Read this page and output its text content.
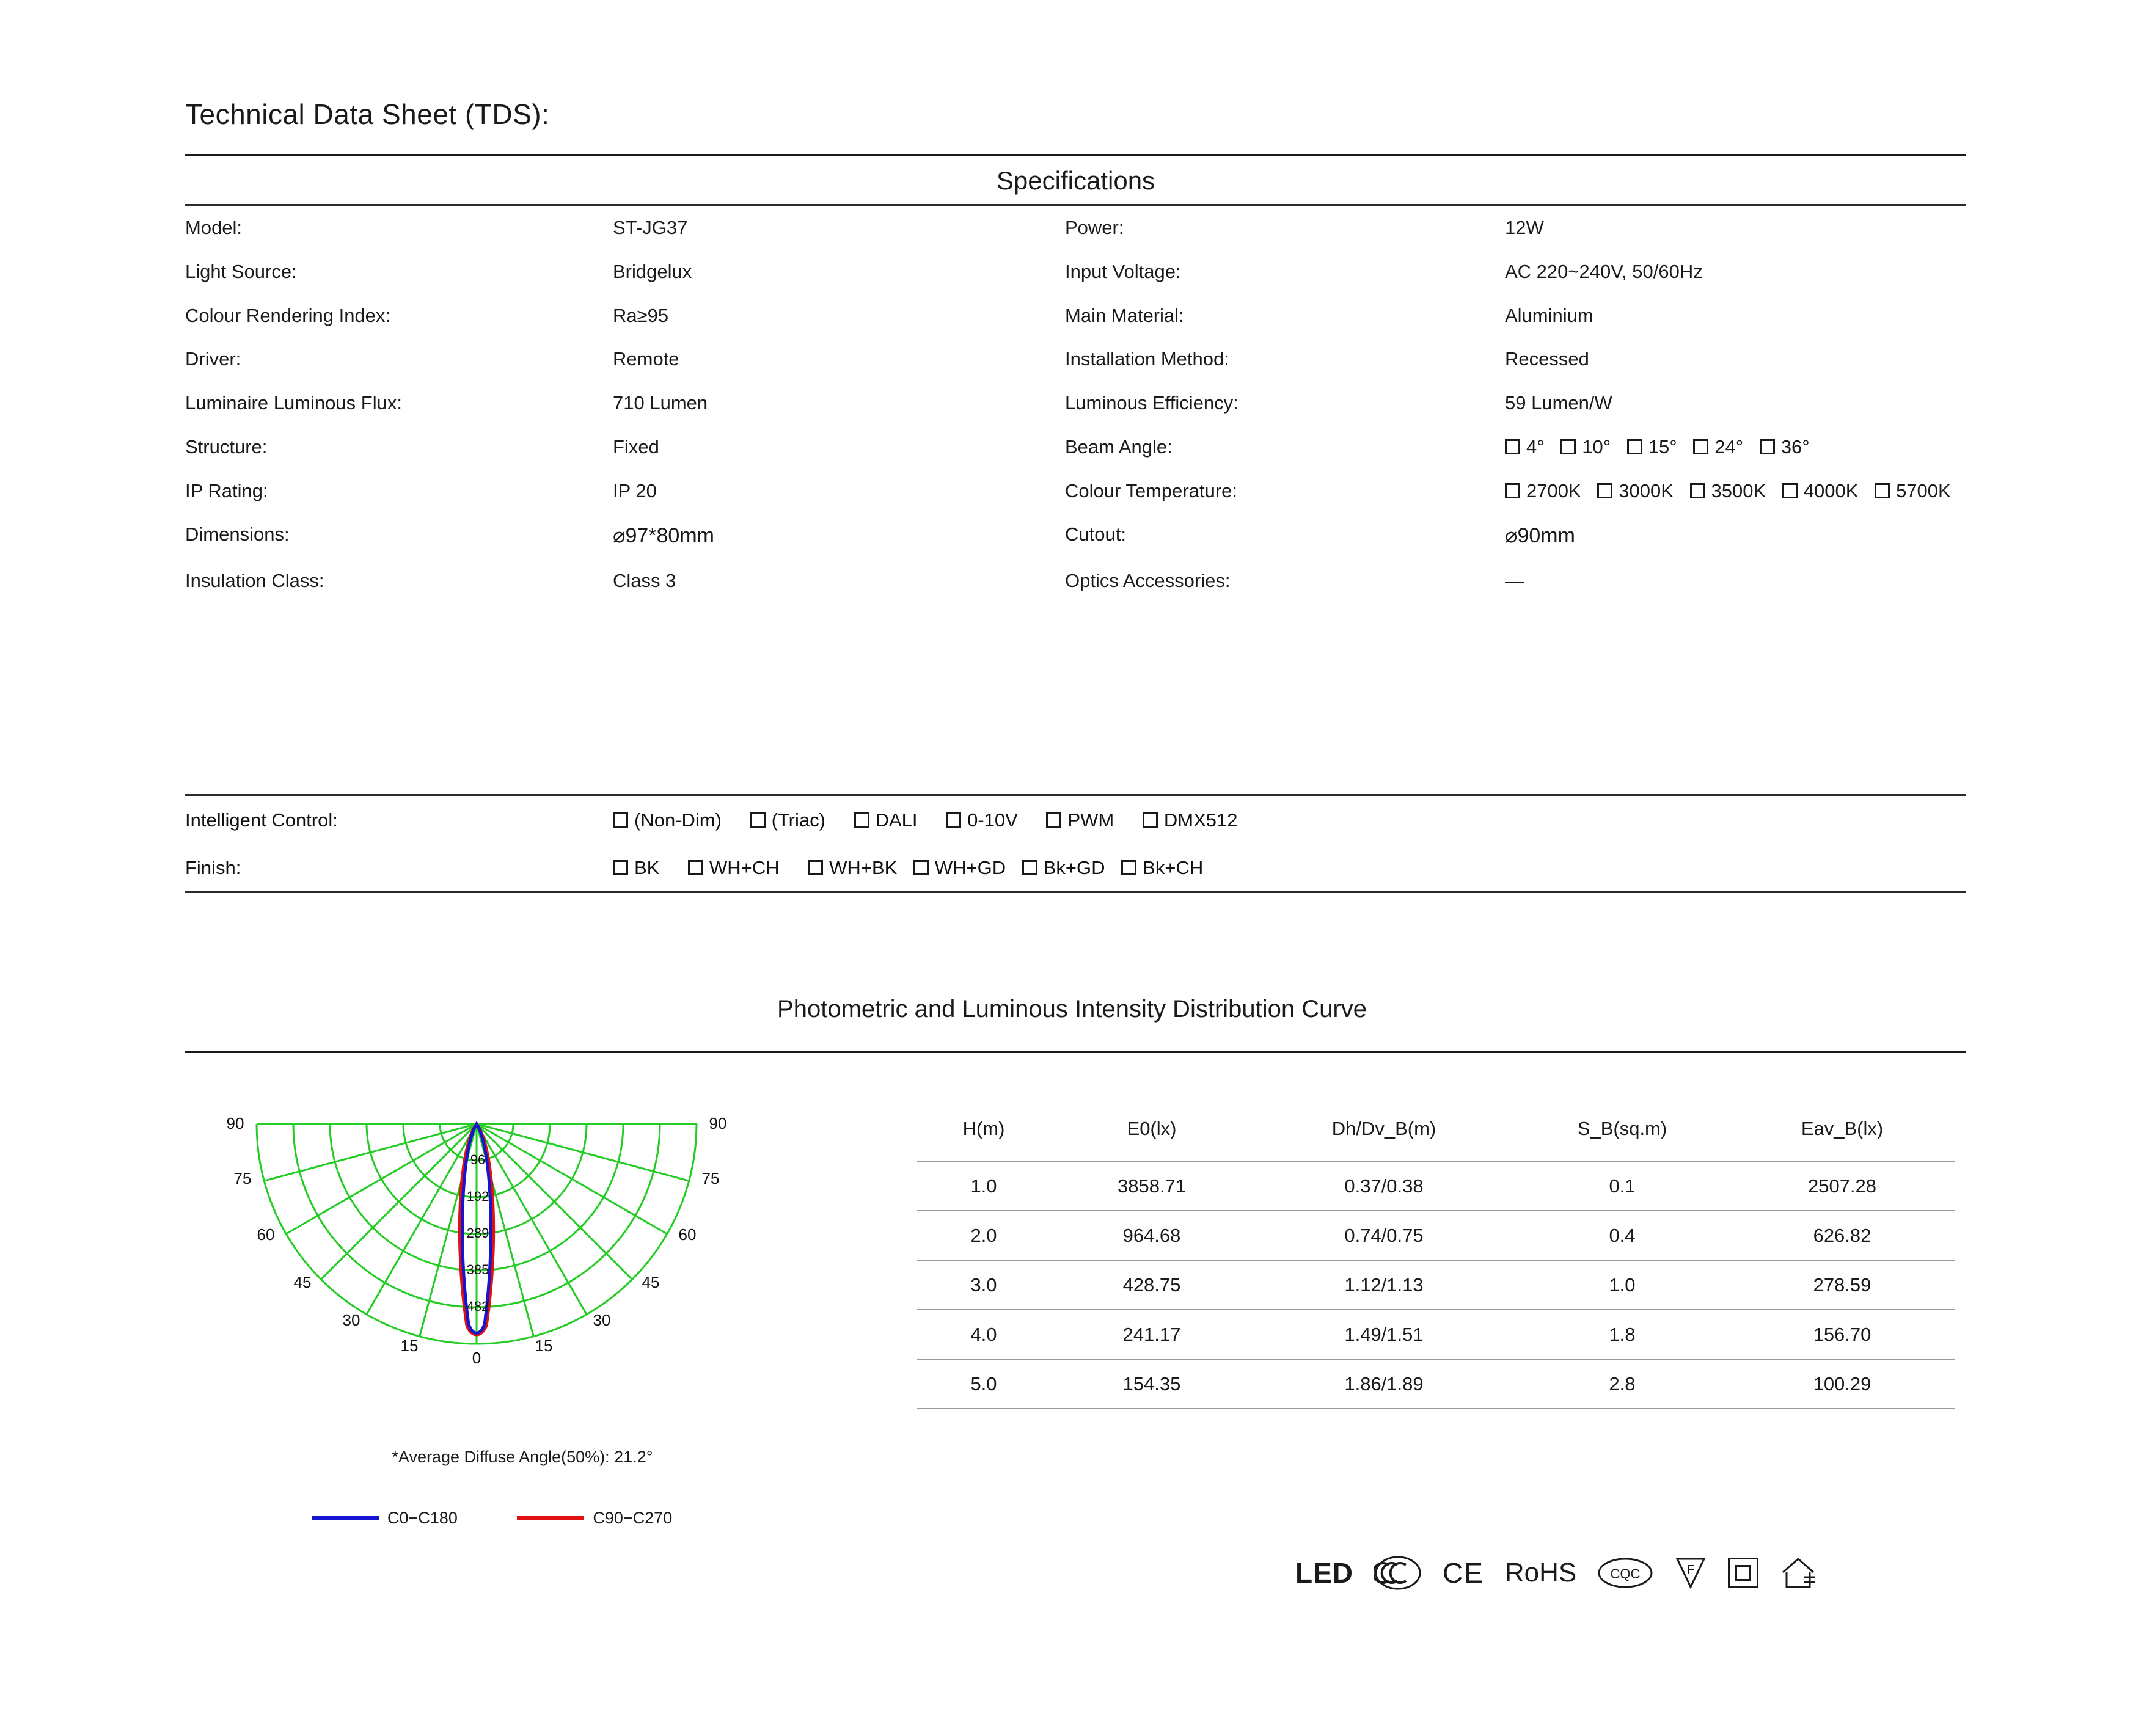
Technical Data Sheet (TDS):
Specifications
Model:	ST-JG37	Power:	12W
Light Source:	Bridgelux	Input Voltage:	AC 220~240V, 50/60Hz
Colour Rendering Index:	Ra≥95	Main Material:	Aluminium
Driver:	Remote	Installation Method:	Recessed
Luminaire Luminous Flux:	710 Lumen	Luminous Efficiency:	59 Lumen/W
Structure:	Fixed	Beam Angle:	4° 10° 15° 24° 36°
IP Rating:	IP 20	Colour Temperature:	2700K 3000K 3500K 4000K 5700K
Dimensions:	⌀97*80mm	Cutout:	⌀90mm
Insulation Class:	Class 3	Optics Accessories:	—
Intelligent Control:	(Non-Dim) (Triac) DALI 0-10V PWM DMX512
Finish:	BK WH+CH WH+BK WH+GD Bk+GD Bk+CH
Photometric and Luminous Intensity Distribution Curve
96
192
289
385
482
90
75
60
45
30
15
0
15
30
45
60
75
90
*Average Diffuse Angle(50%): 21.2°
C0−C180	C90−C270
H(m)	E0(lx)	Dh/Dv_B(m)	S_B(sq.m)	Eav_B(lx)
1.0	3858.71	0.37/0.38	0.1	2507.28
2.0	964.68	0.74/0.75	0.4	626.82
3.0	428.75	1.12/1.13	1.0	278.59
4.0	241.17	1.49/1.51	1.8	156.70
5.0	154.35	1.86/1.89	2.8	100.29
LED	CE RoHS	CQC	F
